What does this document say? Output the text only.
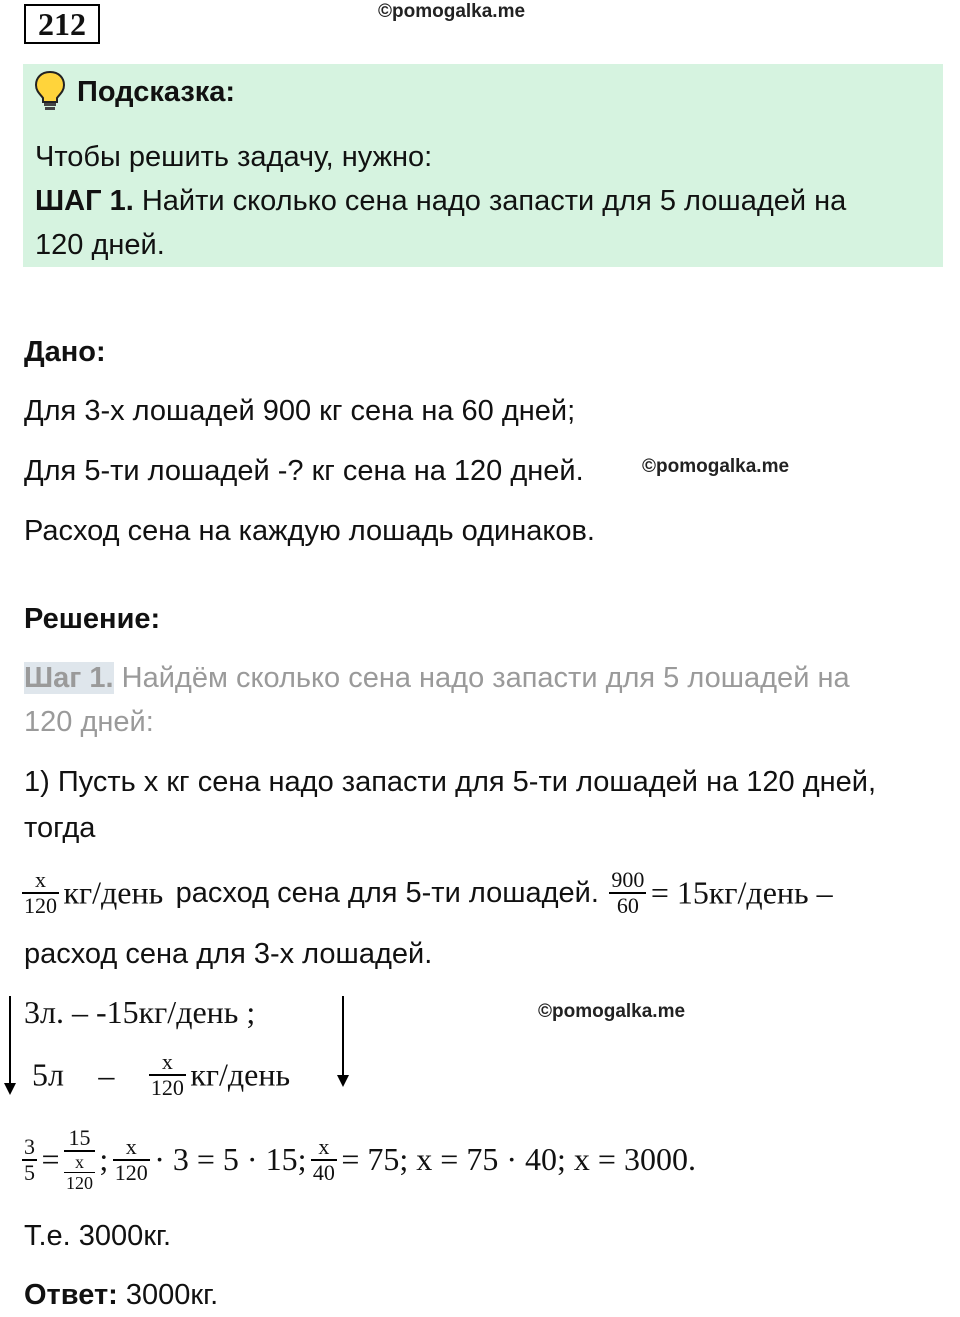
212	©pomogalka.me
Подсказка:
Чтобы решить задачу, нужно:
ШАГ 1. Найти сколько сена надо запасти для 5 лошадей на
120 дней.
Дано:
Для 3-х лошадей 900 кг сена на 60 дней;
Для 5-ти лошадей -? кг сена на 120 дней.	©pomogalka.me
Расход сена на каждую лошадь одинаков.
Решение:
Шаг 1. Найдём сколько сена надо запасти для 5 лошадей на
120 дней:
1) Пусть х кг сена надо запасти для 5-ти лошадей на 120 дней,
тогда
$\frac{x}{120}$ кг/день расход сена для 5-ти лошадей. $\frac{900}{60}$ = 15кг/день –
расход сена для 3-х лошадей.
©pomogalka.me
3л. – -15кг/день ;
$5л - \frac{x}{120}$ кг/день
$\frac{3}{5} = \frac{15}{\frac{x}{120}}$ ; $\frac{x}{120} \cdot 3 = 5 \cdot 15$; $\frac{x}{40} = 75$; x = 75 · 40; x = 3000.
Т.е. 3000кг.
Ответ: 3000кг.
